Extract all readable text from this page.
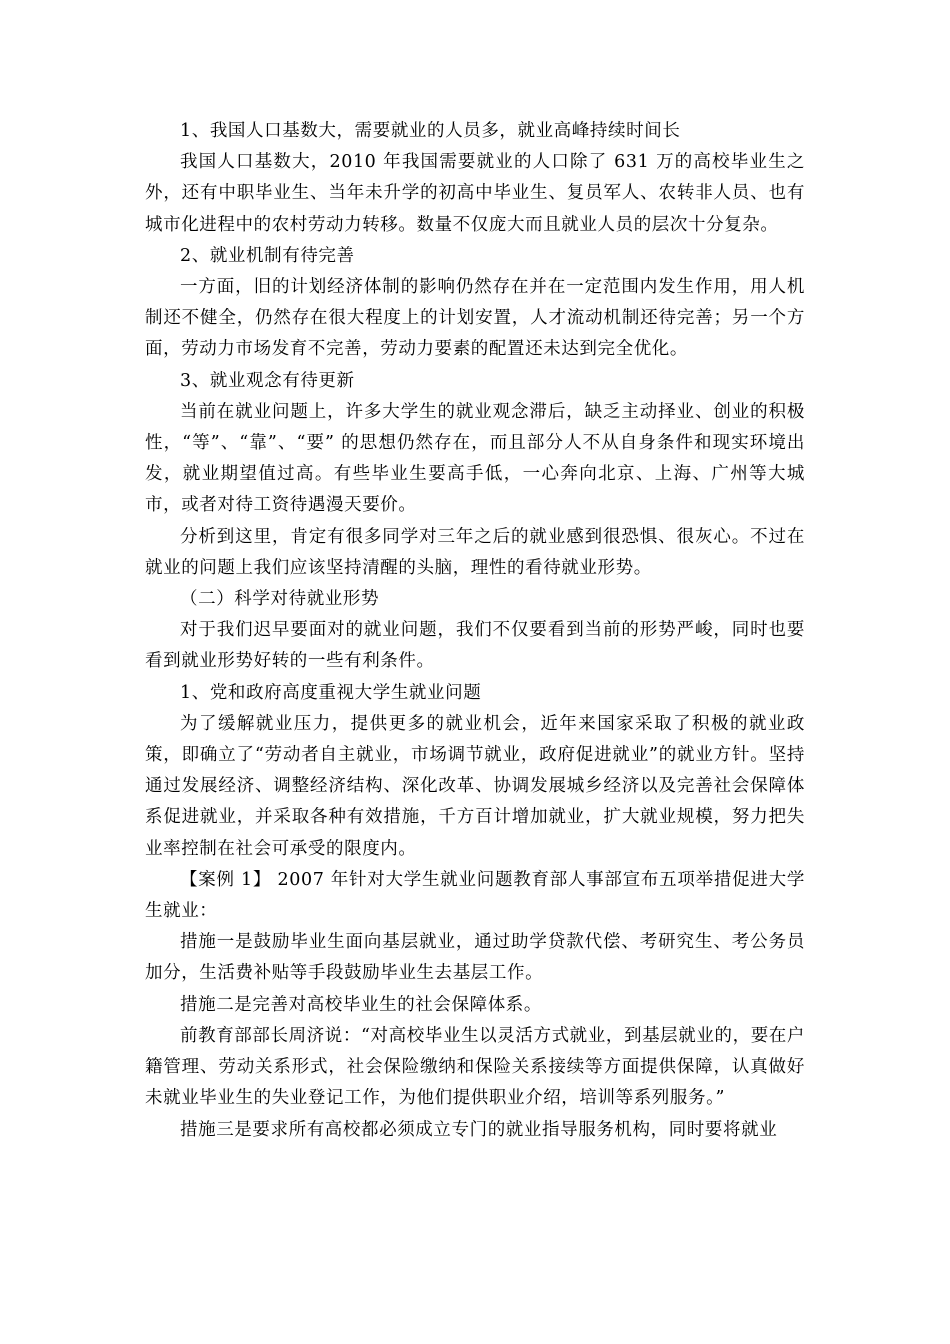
1、我国人口基数大，需要就业的人员多，就业高峰持续时间长

我国人口基数大，2010 年我国需要就业的人口除了 631 万的高校毕业生之外，还有中职毕业生、当年未升学的初高中毕业生、复员军人、农转非人员、也有城市化进程中的农村劳动力转移。数量不仅庞大而且就业人员的层次十分复杂。

2、就业机制有待完善

一方面，旧的计划经济体制的影响仍然存在并在一定范围内发生作用，用人机制还不健全，仍然存在很大程度上的计划安置，人才流动机制还待完善；另一个方面，劳动力市场发育不完善，劳动力要素的配置还未达到完全优化。

3、就业观念有待更新

当前在就业问题上，许多大学生的就业观念滞后，缺乏主动择业、创业的积极性，“等”、“靠”、“要” 的思想仍然存在，而且部分人不从自身条件和现实环境出发，就业期望值过高。有些毕业生要高手低，一心奔向北京、上海、广州等大城市，或者对待工资待遇漫天要价。

分析到这里，肯定有很多同学对三年之后的就业感到很恐惧、很灰心。不过在就业的问题上我们应该坚持清醒的头脑，理性的看待就业形势。

（二）科学对待就业形势

对于我们迟早要面对的就业问题，我们不仅要看到当前的形势严峻，同时也要看到就业形势好转的一些有利条件。

1、党和政府高度重视大学生就业问题

为了缓解就业压力，提供更多的就业机会，近年来国家采取了积极的就业政策，即确立了“劳动者自主就业，市场调节就业，政府促进就业”的就业方针。坚持通过发展经济、调整经济结构、深化改革、协调发展城乡经济以及完善社会保障体系促进就业，并采取各种有效措施，千方百计增加就业，扩大就业规模，努力把失业率控制在社会可承受的限度内。

【案例 1】 2007 年针对大学生就业问题教育部人事部宣布五项举措促进大学生就业：

措施一是鼓励毕业生面向基层就业，通过助学贷款代偿、考研究生、考公务员加分，生活费补贴等手段鼓励毕业生去基层工作。

措施二是完善对高校毕业生的社会保障体系。

前教育部部长周济说：“对高校毕业生以灵活方式就业，到基层就业的，要在户籍管理、劳动关系形式，社会保险缴纳和保险关系接续等方面提供保障，认真做好未就业毕业生的失业登记工作，为他们提供职业介绍，培训等系列服务。”

措施三是要求所有高校都必须成立专门的就业指导服务机构，同时要将就业
